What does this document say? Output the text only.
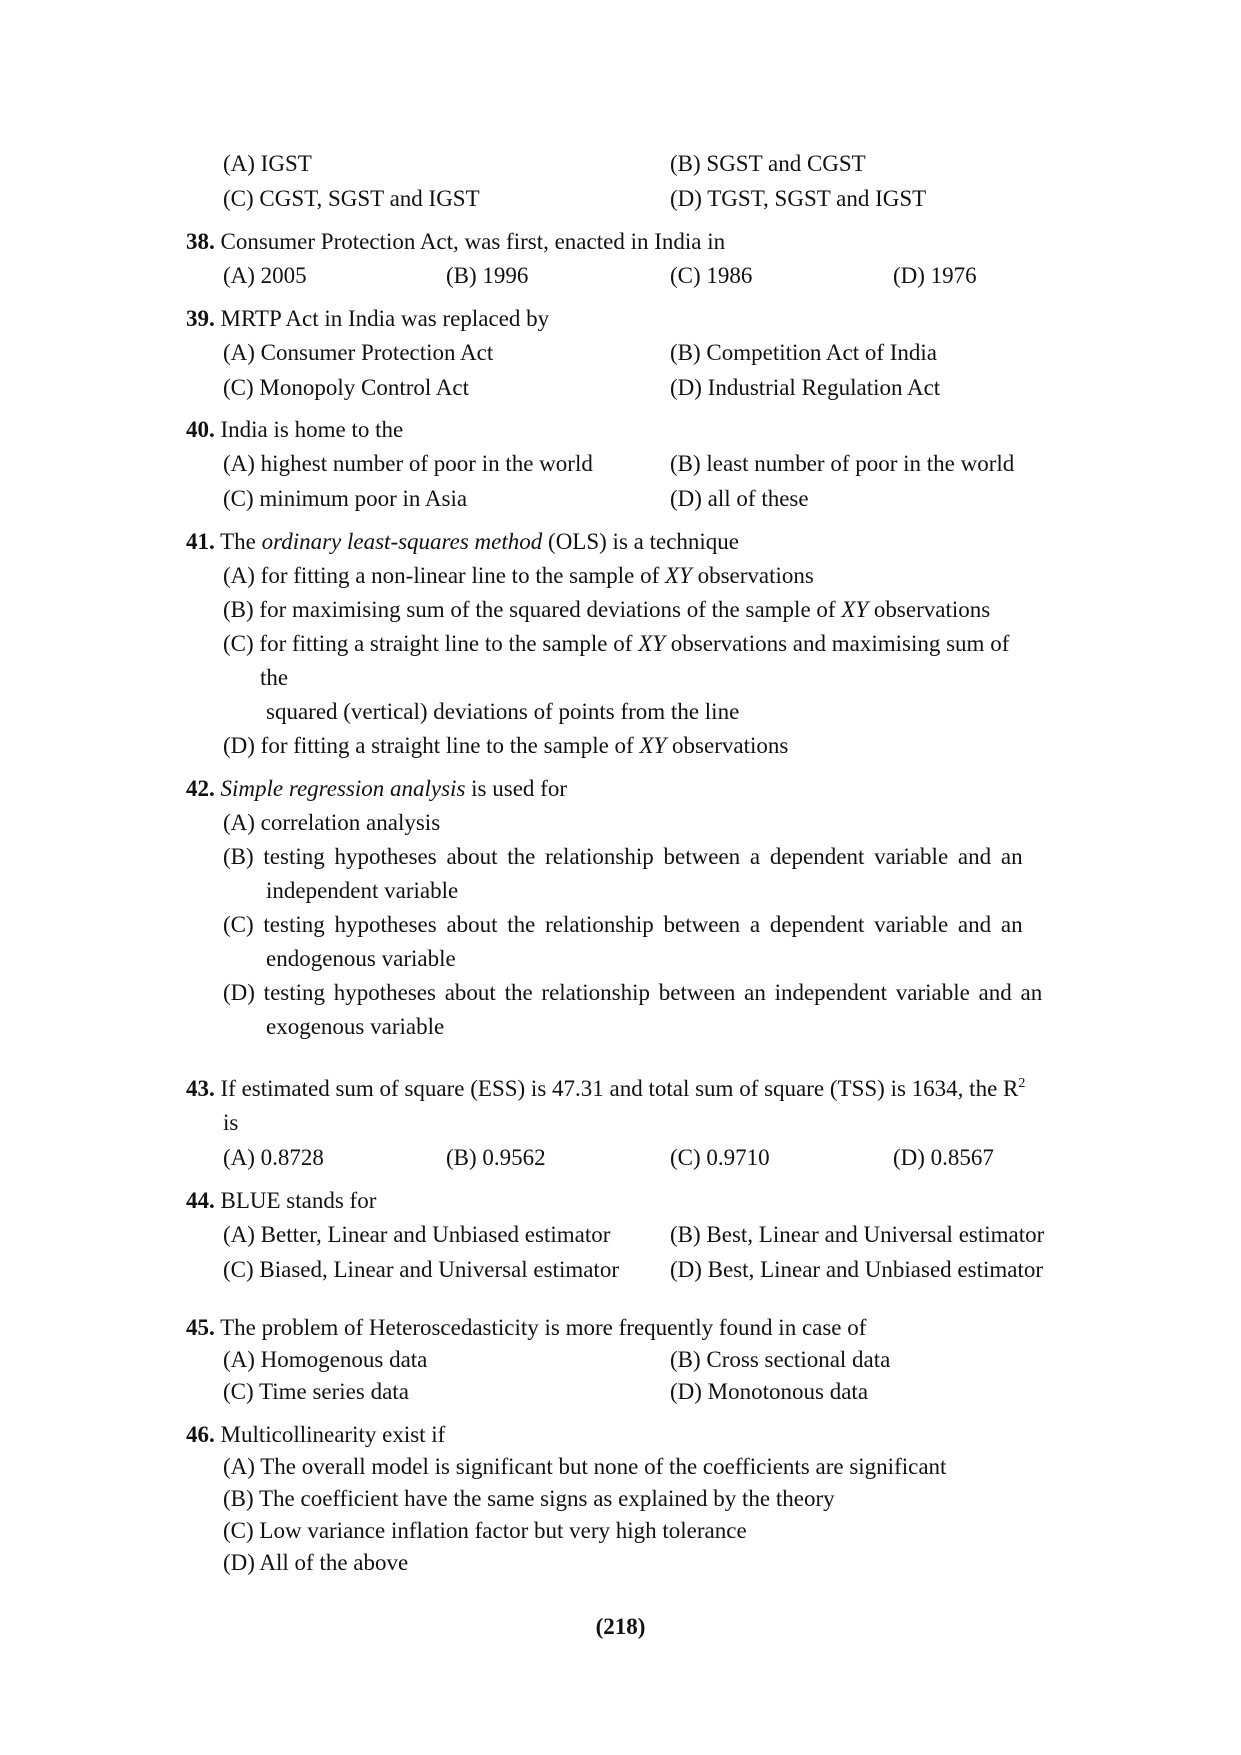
(A) IGST	(B) SGST and CGST
(C) CGST, SGST and IGST	(D) TGST, SGST and IGST
38. Consumer Protection Act, was first, enacted in India in
(A) 2005	(B) 1996	(C) 1986	(D) 1976
39. MRTP Act in India was replaced by
(A) Consumer Protection Act	(B) Competition Act of India
(C) Monopoly Control Act	(D) Industrial Regulation Act
40. India is home to the
(A) highest number of poor in the world	(B) least number of poor in the world
(C) minimum poor in Asia	(D) all of these
41. The ordinary least-squares method (OLS) is a technique
(A) for fitting a non-linear line to the sample of XY observations
(B) for maximising sum of the squared deviations of the sample of XY observations
(C) for fitting a straight line to the sample of XY observations and maximising sum of
the
squared (vertical) deviations of points from the line
(D) for fitting a straight line to the sample of XY observations
42. Simple regression analysis is used for
(A) correlation analysis
(B) testing hypotheses about the relationship between a dependent variable and an
independent variable
(C) testing hypotheses about the relationship between a dependent variable and an
endogenous variable
(D) testing hypotheses about the relationship between an independent variable and an
exogenous variable
43. If estimated sum of square (ESS) is 47.31 and total sum of square (TSS) is 1634, the $R^2$
is
(A) 0.8728	(B) 0.9562	(C) 0.9710	(D) 0.8567
44. BLUE stands for
(A) Better, Linear and Unbiased estimator	(B) Best, Linear and Universal estimator
(C) Biased, Linear and Universal estimator (D) Best, Linear and Unbiased estimator
45. The problem of Heteroscedasticity is more frequently found in case of
(A) Homogenous data	(B) Cross sectional data
(C) Time series data	(D) Monotonous data
46. Multicollinearity exist if
(A) The overall model is significant but none of the coefficients are significant
(B) The coefficient have the same signs as explained by the theory
(C) Low variance inflation factor but very high tolerance
(D) All of the above
(218)
